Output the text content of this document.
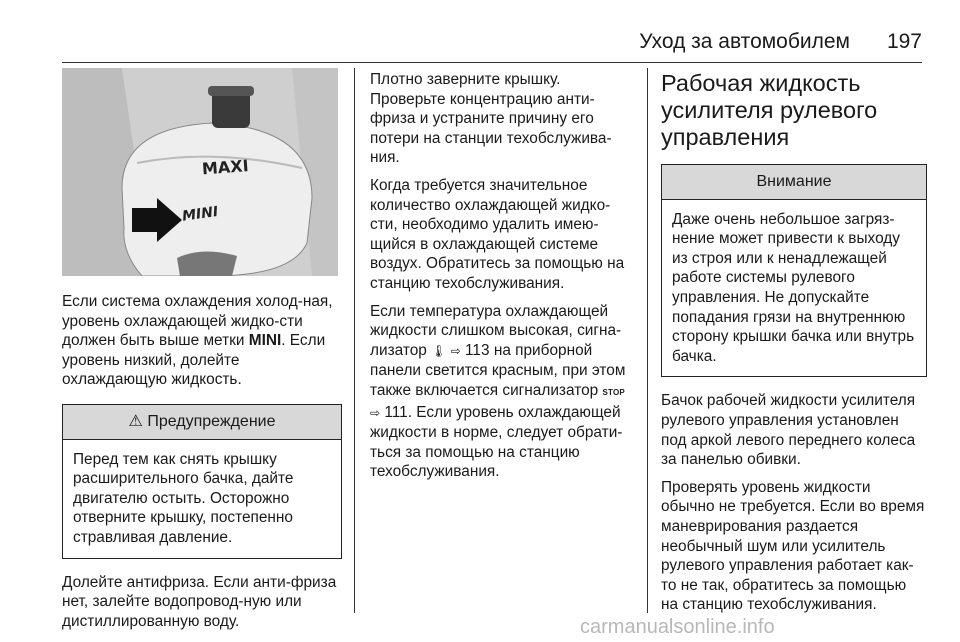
Уход за автомобилем 197
MAXI
MINI

Если система охлаждения холод-ная, уровень охлаждающей жидко-сти должен быть выше метки MINI. Если уровень низкий, долейте охлаждающую жидкость.

⚠ Предупреждение
Перед тем как снять крышку расширительного бачка, дайте двигателю остыть. Осторожно отверните крышку, постепенно стравливая давление.

Долейте антифриза. Если анти-фриза нет, залейте водопровод-ную или дистиллированную воду.

Плотно заверните крышку. Проверьте концентрацию анти-фриза и устраните причину его потери на станции техобслужива-ния.

Когда требуется значительное количество охлаждающей жидко-сти, необходимо удалить имею-щийся в охлаждающей системе воздух. Обратитесь за помощью на станцию техобслуживания.

Если температура охлаждающей жидкости слишком высокая, сигна-лизатор 🌡 ⇨ 113 на приборной панели светится красным, при этом также включается сигнализатор STOP ⇨ 111. Если уровень охлаждающей жидкости в норме, следует обрати-ться за помощью на станцию техобслуживания.

Рабочая жидкость усилителя рулевого управления
Внимание
Даже очень небольшое загряз-нение может привести к выходу из строя или к ненадлежащей работе системы рулевого управления. Не допускайте попадания грязи на внутреннюю сторону крышки бачка или внутрь бачка.

Бачок рабочей жидкости усилителя рулевого управления установлен под аркой левого переднего колеса за панелью обивки.

Проверять уровень жидкости обычно не требуется. Если во время маневрирования раздается необычный шум или усилитель рулевого управления работает как-то не так, обратитесь за помощью на станцию техобслуживания.

carmanualsonline.info
